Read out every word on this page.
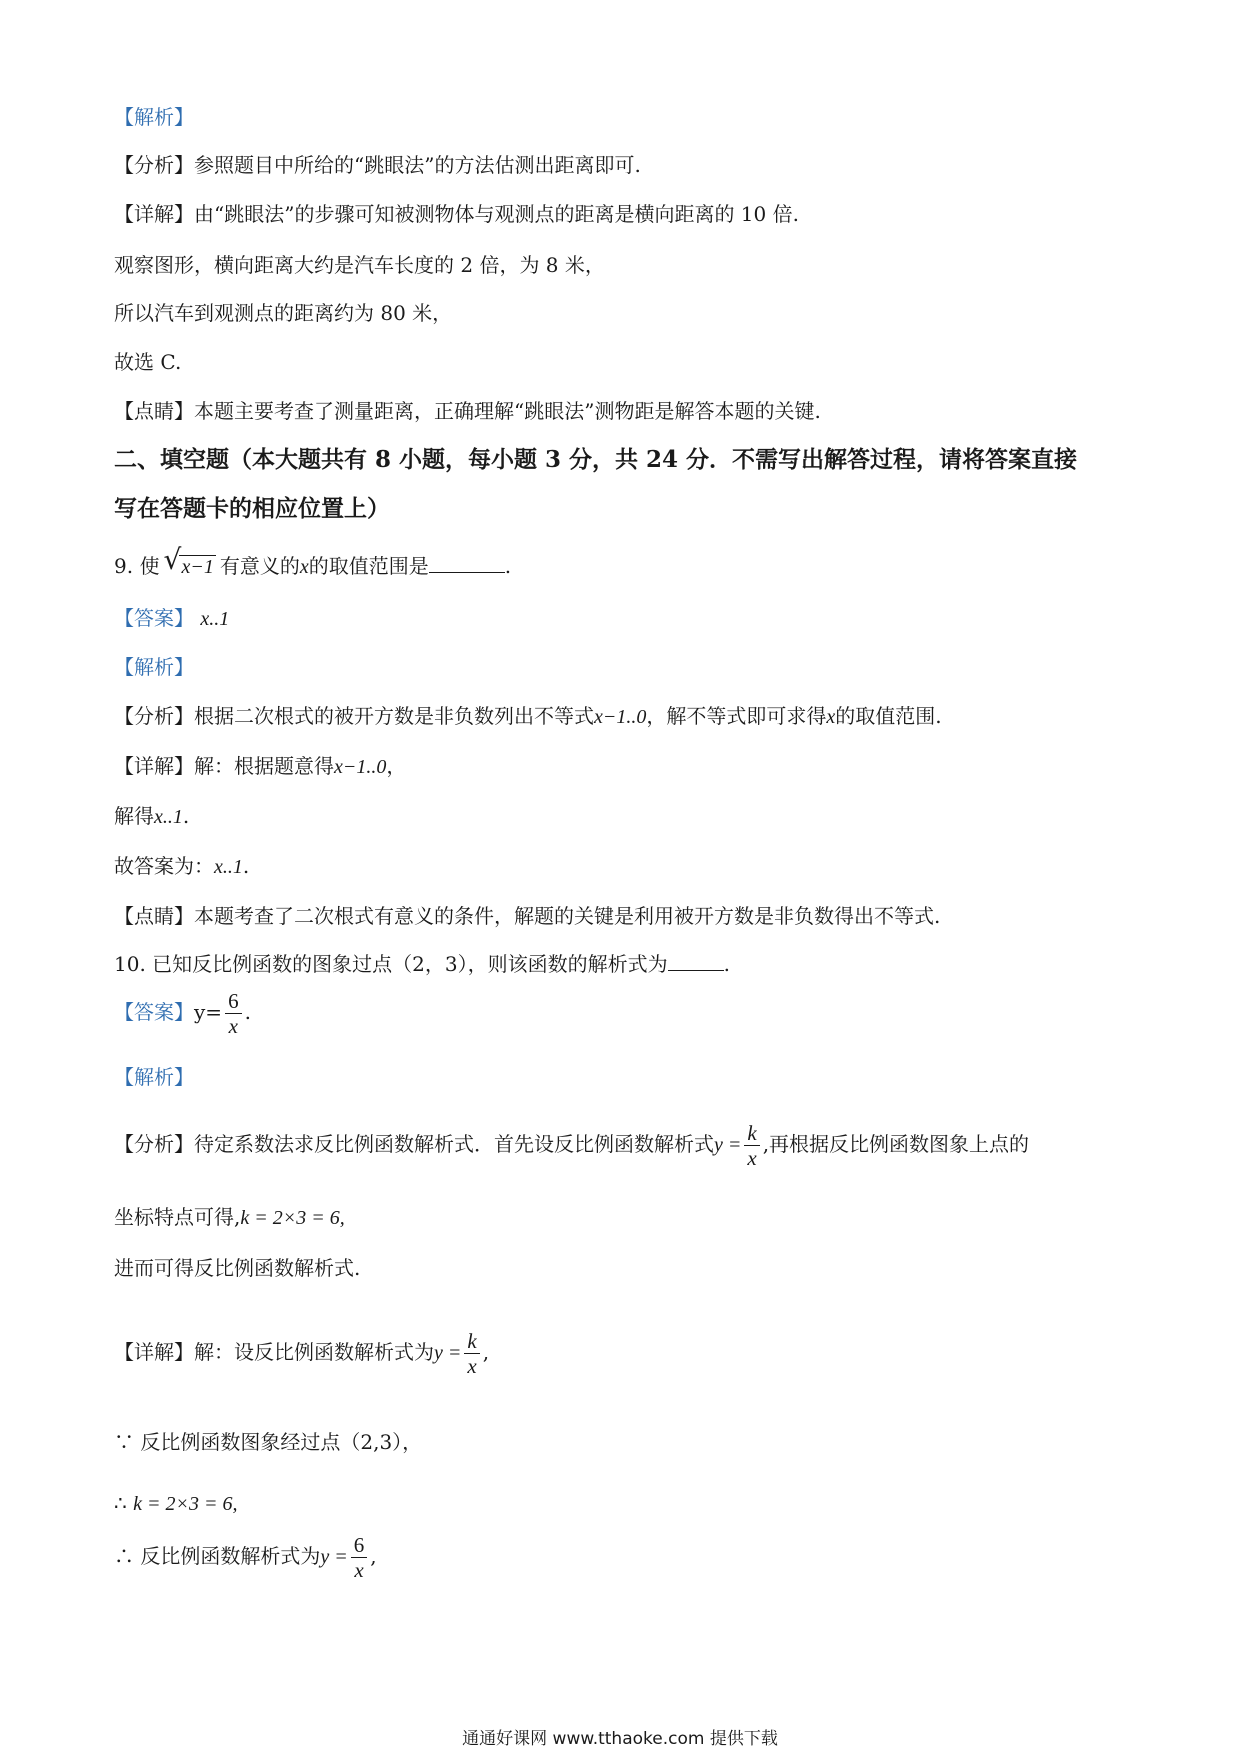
【解析】
【分析】参照题目中所给的“跳眼法”的方法估测出距离即可.
【详解】由“跳眼法”的步骤可知被测物体与观测点的距离是横向距离的 10 倍.
观察图形，横向距离大约是汽车长度的 2 倍，为 8 米，
所以汽车到观测点的距离约为 80 米，
故选 C.
【点睛】本题主要考查了测量距离，正确理解“跳眼法”测物距是解答本题的关键.
二、填空题（本大题共有 8 小题，每小题 3 分，共 24 分．不需写出解答过程，请将答案直接
写在答题卡的相应位置上）
9. 使 √ x−1 有意义的x的取值范围是	.
【答案】 x..1
【解析】
【分析】根据二次根式的被开方数是非负数列出不等式x−1..0，解不等式即可求得x的取值范围.
【详解】解：根据题意得x−1..0，
解得x..1.
故答案为：x..1.
【点睛】本题考查了二次根式有意义的条件，解题的关键是利用被开方数是非负数得出不等式.
10. 已知反比例函数的图象过点（2，3），则该函数的解析式为	.
【答案】$y= \frac{6}{x}$ .
【解析】
【分析】待定系数法求反比例函数解析式．首先设反比例函数解析式$y = \frac{k}{x}$ ,再根据反比例函数图象上点的
坐标特点可得,k = 2×3 = 6,
进而可得反比例函数解析式.
【详解】解：设反比例函数解析式为$y = \frac{k}{x}$ ,
∵ 反比例函数图象经过点（2,3），
∴ k = 2×3 = 6,
∴ 反比例函数解析式为$y = \frac{6}{x}$ ,
通通好课网 www.tthaoke.com 提供下载
